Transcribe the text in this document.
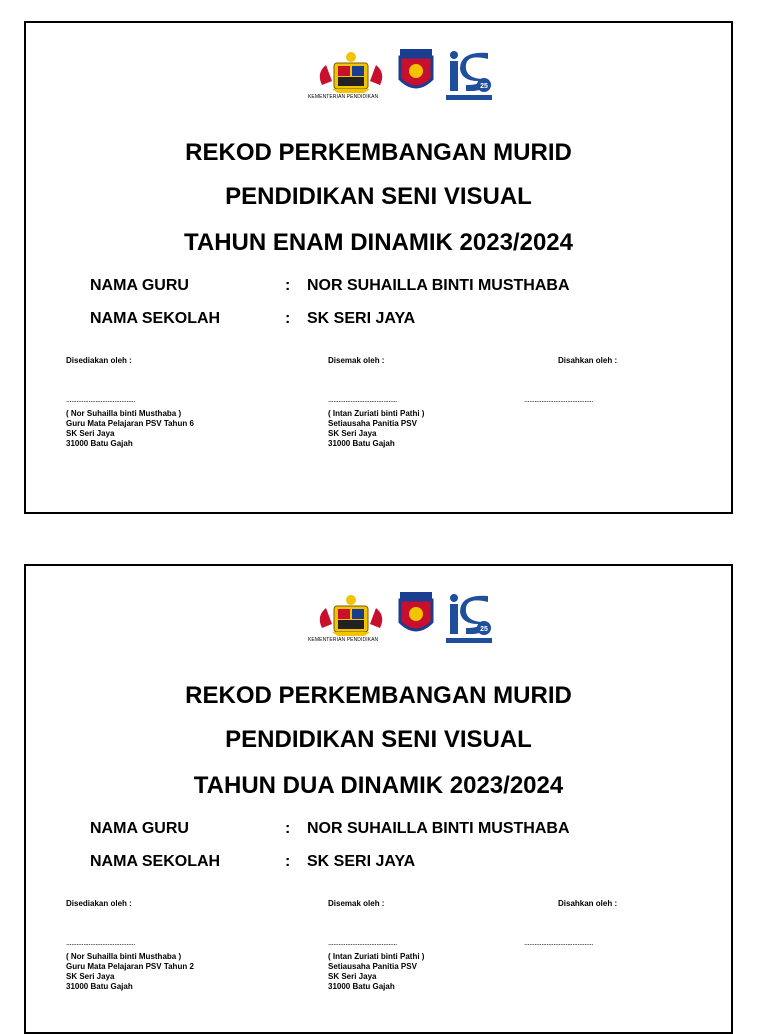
25
KEMENTERIAN PENDIDIKAN
REKOD PERKEMBANGAN MURID
PENDIDIKAN SENI VISUAL
TAHUN ENAM DINAMIK 2023/2024
NAMA GURU	: NOR SUHAILLA BINTI MUSTHABA
NAMA SEKOLAH	: SK SERI JAYA
Disediakan oleh :	Disemak oleh :	Disahkan oleh :
........................................	........................................	........................................
( Nor Suhailla binti Musthaba )
Guru Mata Pelajaran PSV Tahun 6
SK Seri Jaya
31000 Batu Gajah
( Intan Zuriati binti Pathi )
Setiausaha Panitia PSV
SK Seri Jaya
31000 Batu Gajah
25
KEMENTERIAN PENDIDIKAN
REKOD PERKEMBANGAN MURID
PENDIDIKAN SENI VISUAL
TAHUN DUA DINAMIK 2023/2024
NAMA GURU	: NOR SUHAILLA BINTI MUSTHABA
NAMA SEKOLAH	: SK SERI JAYA
Disediakan oleh :	Disemak oleh :	Disahkan oleh :
........................................	........................................	........................................
( Nor Suhailla binti Musthaba )
Guru Mata Pelajaran PSV Tahun 2
SK Seri Jaya
31000 Batu Gajah
( Intan Zuriati binti Pathi )
Setiausaha Panitia PSV
SK Seri Jaya
31000 Batu Gajah
